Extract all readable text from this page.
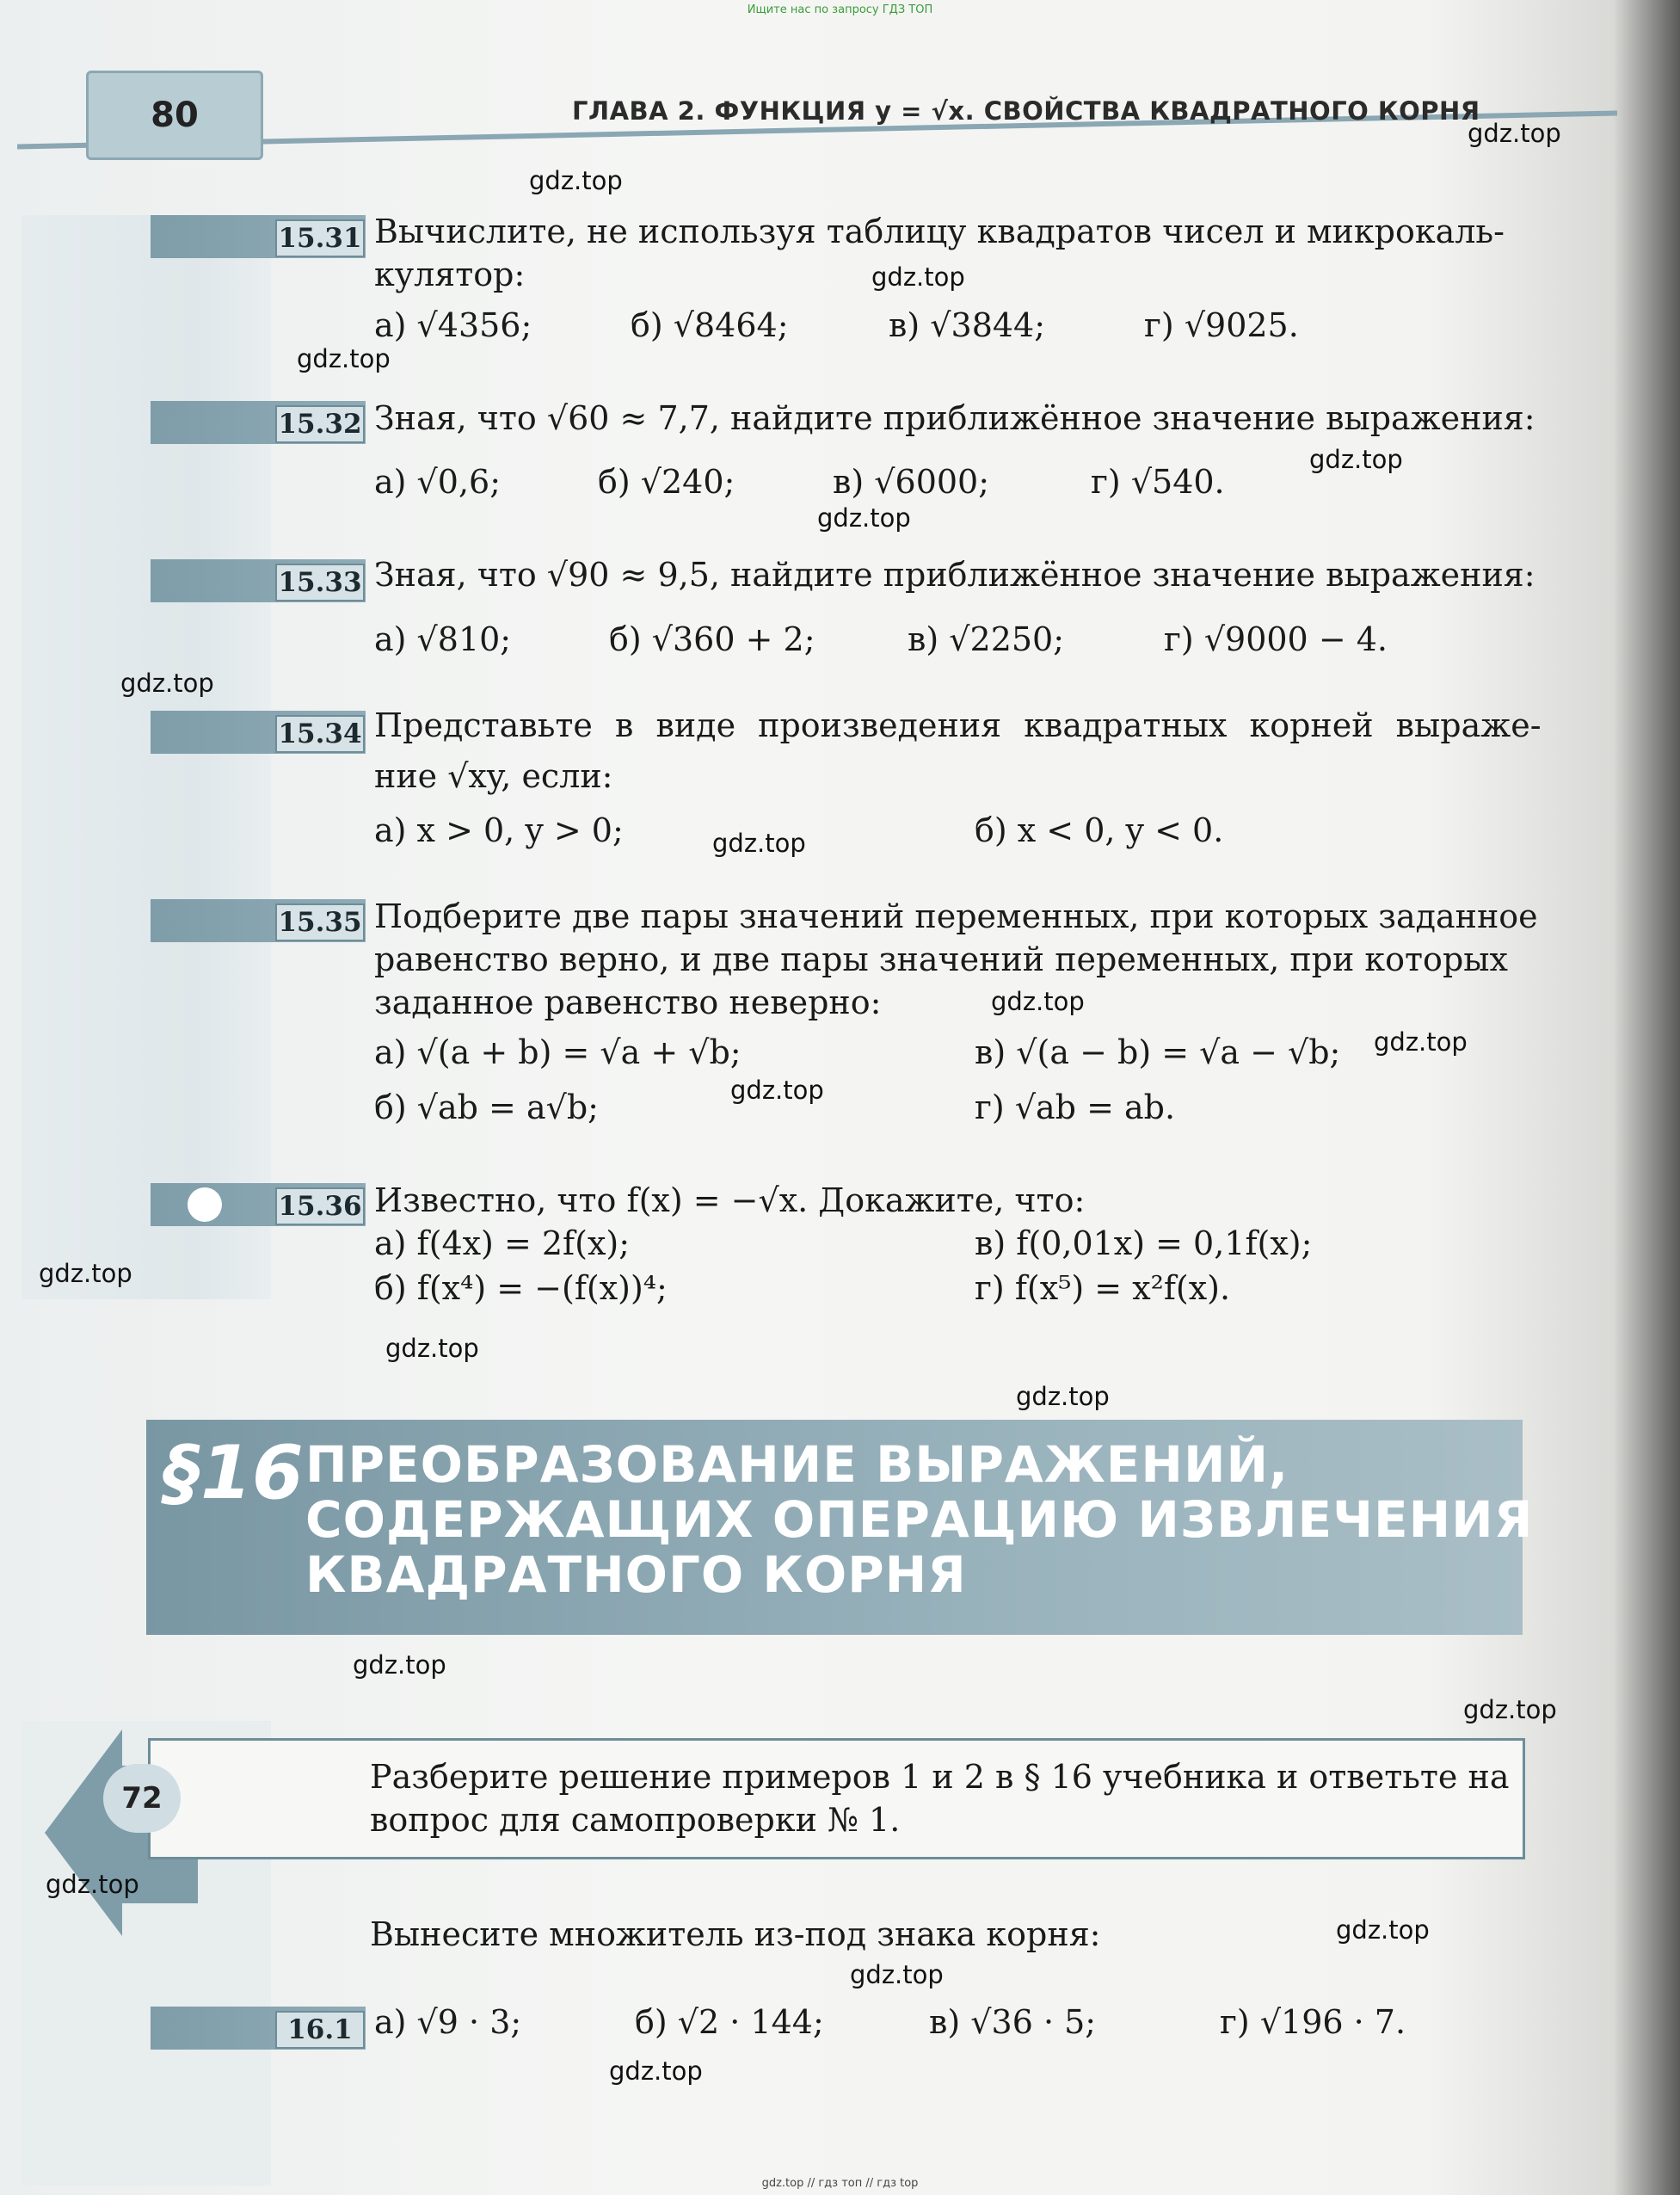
Ищите нас по запросу ГДЗ ТОП
80	ГЛАВА 2. ФУНКЦИЯ y = √x. СВОЙСТВА КВАДРАТНОГО КОРНЯ
15.31 Вычислите, не используя таблицу квадратов чисел и микрокаль-
кулятор:
а) √4356;	б) √8464;	в) √3844;	г) √9025.
15.32 Зная, что √60 ≈ 7,7, найдите приближённое значение выражения:
а) √0,6;	б) √240;	в) √6000;	г) √540.
15.33 Зная, что √90 ≈ 9,5, найдите приближённое значение выражения:
а) √810;	б) √360 + 2;	в) √2250;	г) √9000 − 4.
15.34 Представьте в виде произведения квадратных корней выраже-
ние √xy, если:
а) x > 0, y > 0;	б) x < 0, y < 0.
15.35 Подберите две пары значений переменных, при которых заданное
равенство верно, и две пары значений переменных, при которых
заданное равенство неверно:
а) √(a + b) = √a + √b;	в) √(a − b) = √a − √b;
б) √ab = a√b;	г) √ab = ab.
15.36 Известно, что f(x) = −√x. Докажите, что:
а) f(4x) = 2f(x);	в) f(0,01x) = 0,1f(x);
б) f(x⁴) = −(f(x))⁴;	г) f(x⁵) = x²f(x).
§16 ПРЕОБРАЗОВАНИЕ ВЫРАЖЕНИЙ,
СОДЕРЖАЩИХ ОПЕРАЦИЮ ИЗВЛЕЧЕНИЯ
КВАДРАТНОГО КОРНЯ
72
Разберите решение примеров 1 и 2 в § 16 учебника и ответьте на
вопрос для самопроверки № 1.
Вынесите множитель из-под знака корня:
16.1 а) √9 · 3;	б) √2 · 144;	в) √36 · 5;	г) √196 · 7.
gdz.top
gdz.top
gdz.top
gdz.top
gdz.top
gdz.top
gdz.top
gdz.top
gdz.top
gdz.top
gdz.top
gdz.top
gdz.top
gdz.top
gdz.top
gdz.top
gdz.top
gdz.top
gdz.top
gdz.top
gdz.top // гдз топ // гдз top
